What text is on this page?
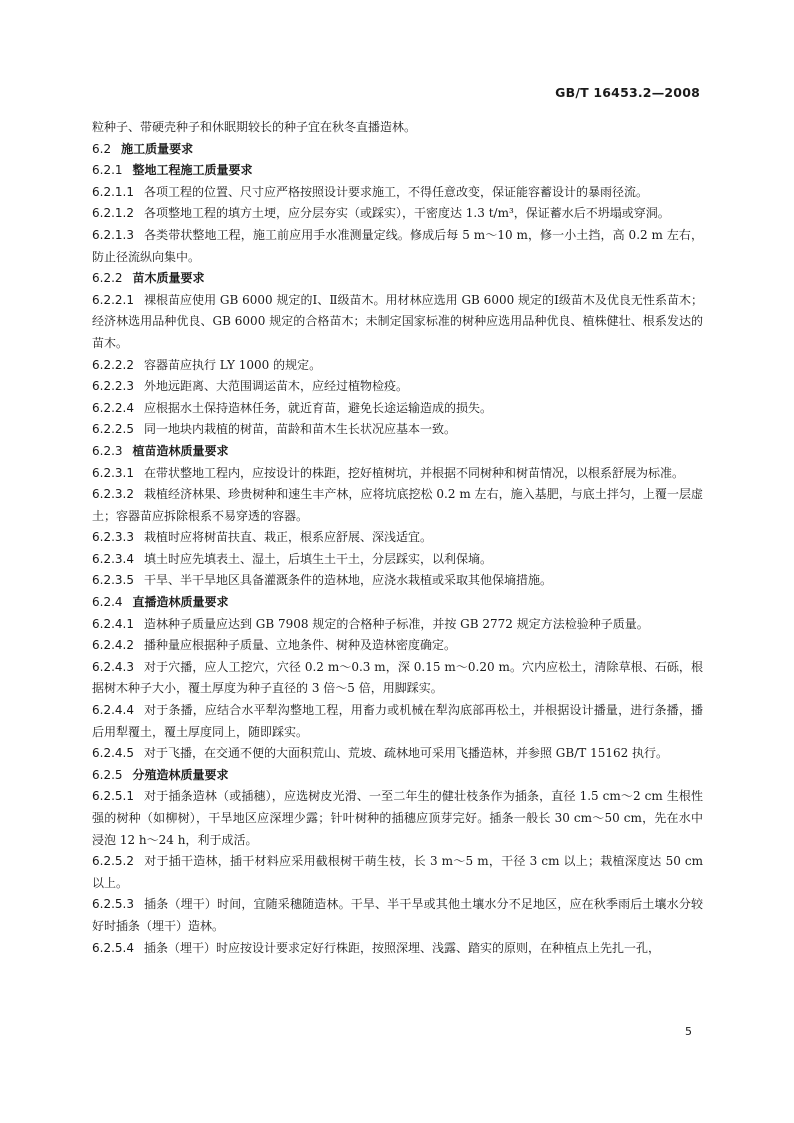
GB/T 16453.2—2008
粒种子、带硬壳种子和休眠期较长的种子宜在秋冬直播造林。
6.2 施工质量要求
6.2.1 整地工程施工质量要求
6.2.1.1 各项工程的位置、尺寸应严格按照设计要求施工，不得任意改变，保证能容蓄设计的暴雨径流。
6.2.1.2 各项整地工程的填方土埂，应分层夯实（或踩实），干密度达 1.3 t/m³，保证蓄水后不坍塌或穿洞。
6.2.1.3 各类带状整地工程，施工前应用手水准测量定线。修成后每 5 m～10 m，修一小土挡，高 0.2 m 左右，防止径流纵向集中。
6.2.2 苗木质量要求
6.2.2.1 裸根苗应使用 GB 6000 规定的Ⅰ、Ⅱ级苗木。用材林应选用 GB 6000 规定的Ⅰ级苗木及优良无性系苗木；经济林选用品种优良、GB 6000 规定的合格苗木；未制定国家标准的树种应选用品种优良、植株健壮、根系发达的苗木。
6.2.2.2 容器苗应执行 LY 1000 的规定。
6.2.2.3 外地远距离、大范围调运苗木，应经过植物检疫。
6.2.2.4 应根据水土保持造林任务，就近育苗，避免长途运输造成的损失。
6.2.2.5 同一地块内栽植的树苗，苗龄和苗木生长状况应基本一致。
6.2.3 植苗造林质量要求
6.2.3.1 在带状整地工程内，应按设计的株距，挖好植树坑，并根据不同树种和树苗情况，以根系舒展为标准。
6.2.3.2 栽植经济林果、珍贵树种和速生丰产林，应将坑底挖松 0.2 m 左右，施入基肥，与底土拌匀，上覆一层虚土；容器苗应拆除根系不易穿透的容器。
6.2.3.3 栽植时应将树苗扶直、栽正，根系应舒展、深浅适宜。
6.2.3.4 填土时应先填表土、湿土，后填生土干土，分层踩实，以利保墒。
6.2.3.5 干旱、半干旱地区具备灌溉条件的造林地，应浇水栽植或采取其他保墒措施。
6.2.4 直播造林质量要求
6.2.4.1 造林种子质量应达到 GB 7908 规定的合格种子标准，并按 GB 2772 规定方法检验种子质量。
6.2.4.2 播种量应根据种子质量、立地条件、树种及造林密度确定。
6.2.4.3 对于穴播，应人工挖穴，穴径 0.2 m～0.3 m，深 0.15 m～0.20 m。穴内应松土，清除草根、石砾，根据树木种子大小，覆土厚度为种子直径的 3 倍～5 倍，用脚踩实。
6.2.4.4 对于条播，应结合水平犁沟整地工程，用畜力或机械在犁沟底部再松土，并根据设计播量，进行条播，播后用犁覆土，覆土厚度同上，随即踩实。
6.2.4.5 对于飞播，在交通不便的大面积荒山、荒坡、疏林地可采用飞播造林，并参照 GB/T 15162 执行。
6.2.5 分殖造林质量要求
6.2.5.1 对于插条造林（或插穗），应选树皮光滑、一至二年生的健壮枝条作为插条，直径 1.5 cm～2 cm 生根性强的树种（如柳树），干旱地区应深埋少露；针叶树种的插穗应顶芽完好。插条一般长 30 cm～50 cm，先在水中浸泡 12 h～24 h，利于成活。
6.2.5.2 对于插干造林，插干材料应采用截根树干萌生枝，长 3 m～5 m，干径 3 cm 以上；栽植深度达 50 cm 以上。
6.2.5.3 插条（埋干）时间，宜随采穗随造林。干旱、半干旱或其他土壤水分不足地区，应在秋季雨后土壤水分较好时插条（埋干）造林。
6.2.5.4 插条（埋干）时应按设计要求定好行株距，按照深埋、浅露、踏实的原则，在种植点上先扎一孔，
5
